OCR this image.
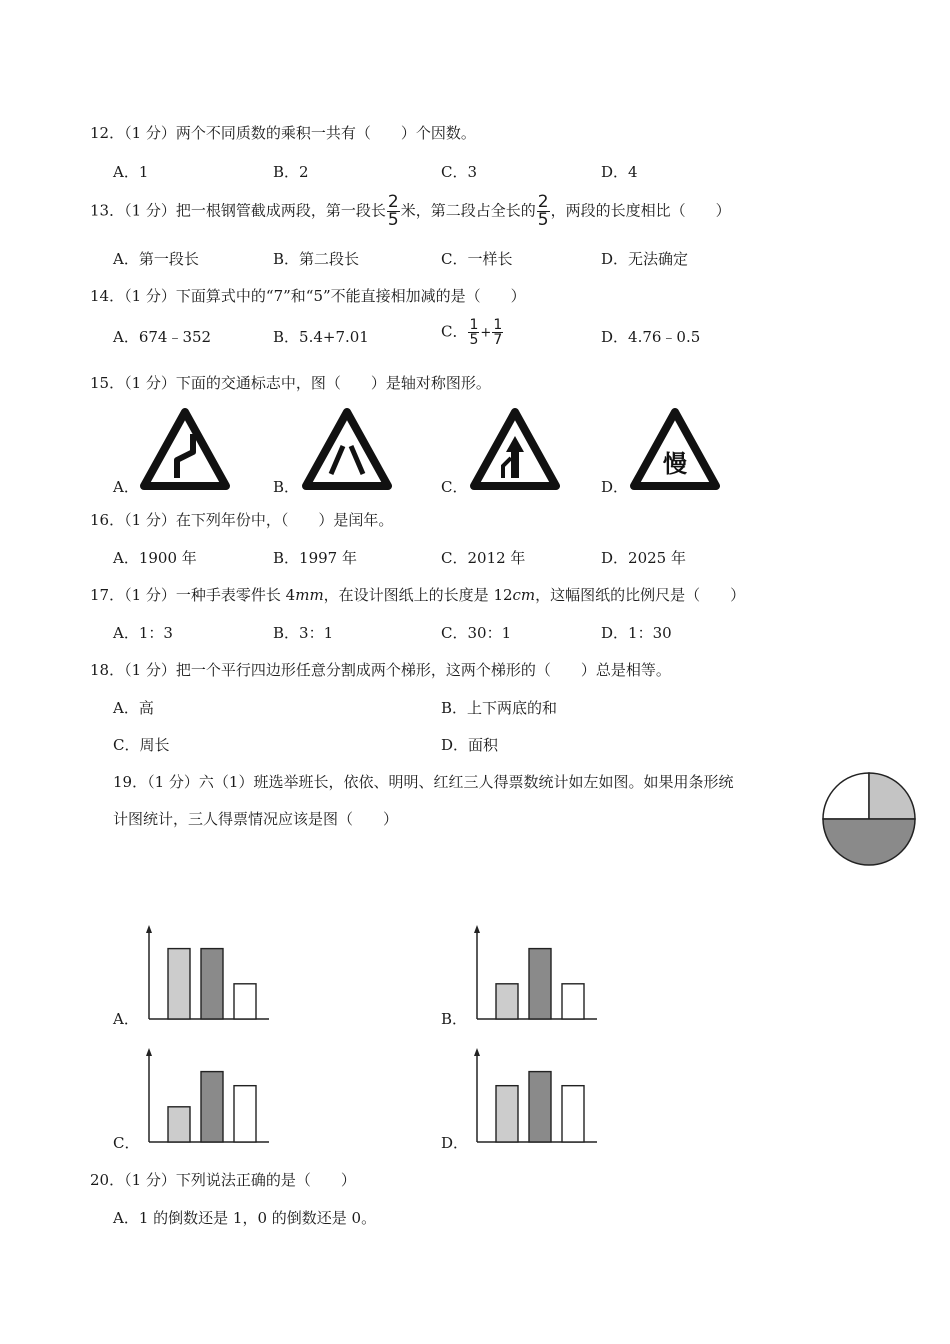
12．（1 分）两个不同质数的乘积一共有（　　）个因数。
A．1	B．2	C．3	D．4
13．（1 分）把一根钢管截成两段，第一段长 $\frac{2}{5}$ 米，第二段占全长的 $\frac{2}{5}$ ，两段的长度相比（　　）
A．第一段长	B．第二段长	C．一样长	D．无法确定
14．（1 分）下面算式中的“7”和“5”不能直接相加减的是（　　）
A．674﹣352	B．5.4+7.01	C． $\frac{1}{5} + \frac{1}{7}$	D．4.76﹣0.5
15．（1 分）下面的交通标志中，图（　　）是轴对称图形。
A．	B．	C．	D．
慢
16．（1 分）在下列年份中，（　　）是闰年。
A．1900 年	B．1997 年	C．2012 年	D．2025 年
17．（1 分）一种手表零件长 4mm，在设计图纸上的长度是 12cm，这幅图纸的比例尺是（　　）
A．1：3	B．3：1	C．30：1	D．1：30
18．（1 分）把一个平行四边形任意分割成两个梯形，这两个梯形的（　　）总是相等。
A．高	B．上下两底的和
C．周长	D．面积
19．（1 分）六（1）班选举班长，依依、明明、红红三人得票数统计如左如图。如果用条形统
计图统计，三人得票情况应该是图（　　）
A．	B．
C．	D．
20．（1 分）下列说法正确的是（　　）
A．1 的倒数还是 1，0 的倒数还是 0。
